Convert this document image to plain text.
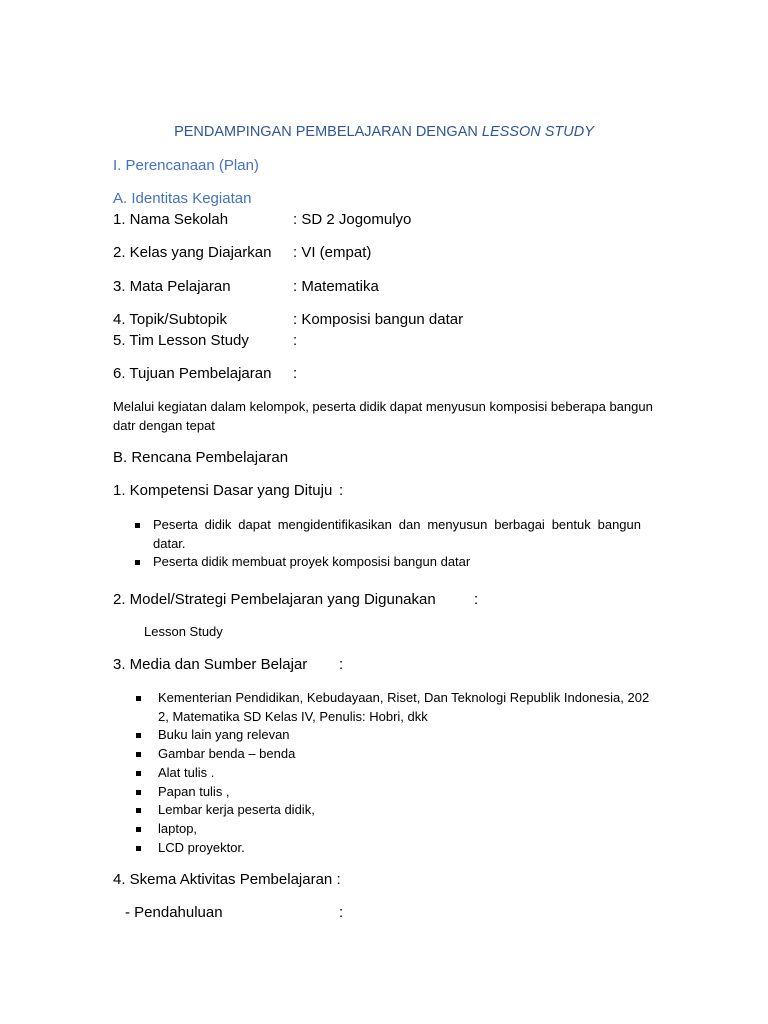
PENDAMPINGAN PEMBELAJARAN DENGAN LESSON STUDY
I. Perencanaan (Plan)
A. Identitas Kegiatan
1. Nama Sekolah	: SD 2 Jogomulyo
2. Kelas yang Diajarkan : VI (empat)
3. Mata Pelajaran	: Matematika
4. Topik/Subtopik	: Komposisi bangun datar
5. Tim Lesson Study	:
6. Tujuan Pembelajaran :
Melalui kegiatan dalam kelompok, peserta didik dapat menyusun komposisi beberapa bangun datr dengan tepat
B. Rencana Pembelajaran
1. Kompetensi Dasar yang Dituju :
Peserta didik dapat mengidentifikasikan dan menyusun berbagai bentuk bangun datar.
Peserta didik membuat proyek komposisi bangun datar
2. Model/Strategi Pembelajaran yang Digunakan	:
Lesson Study
3. Media dan Sumber Belajar :
Kementerian Pendidikan, Kebudayaan, Riset, Dan Teknologi Republik Indonesia, 202 2, Matematika SD Kelas IV, Penulis: Hobri, dkk
Buku lain yang relevan
Gambar benda – benda
Alat tulis .
Papan tulis ,
Lembar kerja peserta didik,
laptop,
LCD proyektor.
4. Skema Aktivitas Pembelajaran :
- Pendahuluan	:
